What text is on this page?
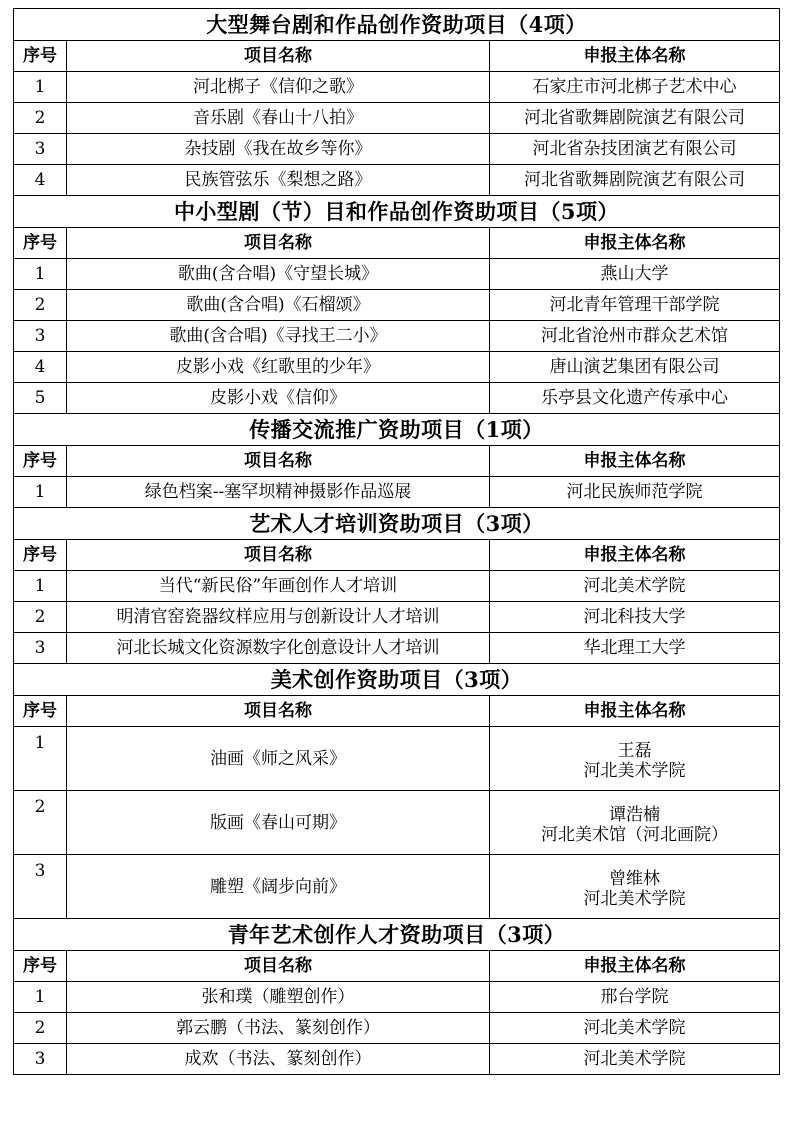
大型舞台剧和作品创作资助项目（4项）		
序号	项目名称	申报主体名称
1	河北梆子《信仰之歌》	石家庄市河北梆子艺术中心
2	音乐剧《春山十八拍》	河北省歌舞剧院演艺有限公司
3	杂技剧《我在故乡等你》	河北省杂技团演艺有限公司
4	民族管弦乐《梨想之路》	河北省歌舞剧院演艺有限公司
中小型剧（节）目和作品创作资助项目（5项）		
序号	项目名称	申报主体名称
1	歌曲(含合唱)《守望长城》	燕山大学
2	歌曲(含合唱)《石榴颂》	河北青年管理干部学院
3	歌曲(含合唱)《寻找王二小》	河北省沧州市群众艺术馆
4	皮影小戏《红歌里的少年》	唐山演艺集团有限公司
5	皮影小戏《信仰》	乐亭县文化遗产传承中心
传播交流推广资助项目（1项）		
序号	项目名称	申报主体名称
1	绿色档案--塞罕坝精神摄影作品巡展	河北民族师范学院
艺术人才培训资助项目（3项）		
序号	项目名称	申报主体名称
1	当代“新民俗”年画创作人才培训	河北美术学院
2	明清官窑瓷器纹样应用与创新设计人才培训	河北科技大学
3	河北长城文化资源数字化创意设计人才培训	华北理工大学
美术创作资助项目（3项）		
序号	项目名称	申报主体名称
1	油画《师之风采》	王磊
河北美术学院

2	版画《春山可期》	谭浩楠
河北美术馆（河北画院）

3	雕塑《阔步向前》	曾维林
河北美术学院

青年艺术创作人才资助项目（3项）		
序号	项目名称	申报主体名称
1	张和璞（雕塑创作）	邢台学院
2	郭云鹏（书法、篆刻创作）	河北美术学院
3	成欢（书法、篆刻创作）	河北美术学院
